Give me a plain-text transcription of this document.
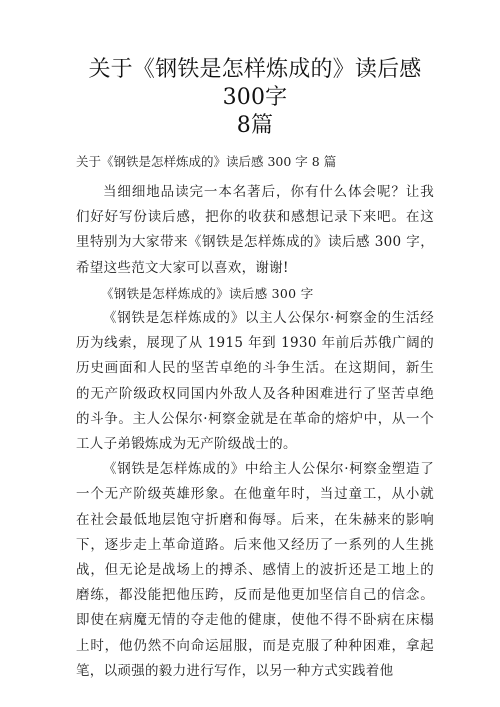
关于《钢铁是怎样炼成的》读后感300字
8篇
关于《钢铁是怎样炼成的》读后感 300 字 8 篇

当细细地品读完一本名著后，你有什么体会呢？让我们好好写份读后感，把你的收获和感想记录下来吧。在这里特别为大家带来《钢铁是怎样炼成的》读后感 300 字，希望这些范文大家可以喜欢，谢谢!

《钢铁是怎样炼成的》读后感 300 字

《钢铁是怎样炼成的》以主人公保尔·柯察金的生活经历为线索，展现了从 1915 年到 1930 年前后苏俄广阔的历史画面和人民的坚苦卓绝的斗争生活。在这期间，新生的无产阶级政权同国内外敌人及各种困难进行了坚苦卓绝的斗争。主人公保尔·柯察金就是在革命的熔炉中，从一个工人子弟锻炼成为无产阶级战士的。

《钢铁是怎样炼成的》中给主人公保尔·柯察金塑造了一个无产阶级英雄形象。在他童年时，当过童工，从小就在社会最低地层饱守折磨和侮辱。后来，在朱赫来的影响下，逐步走上革命道路。后来他又经历了一系列的人生挑战，但无论是战场上的搏杀、感情上的波折还是工地上的磨练，都没能把他压跨，反而是他更加坚信自己的信念。即使在病魔无情的夺走他的健康，使他不得不卧病在床榻上时，他仍然不向命运屈服，而是克服了种种困难，拿起笔，以顽强的毅力进行写作，以另一种方式实践着他
